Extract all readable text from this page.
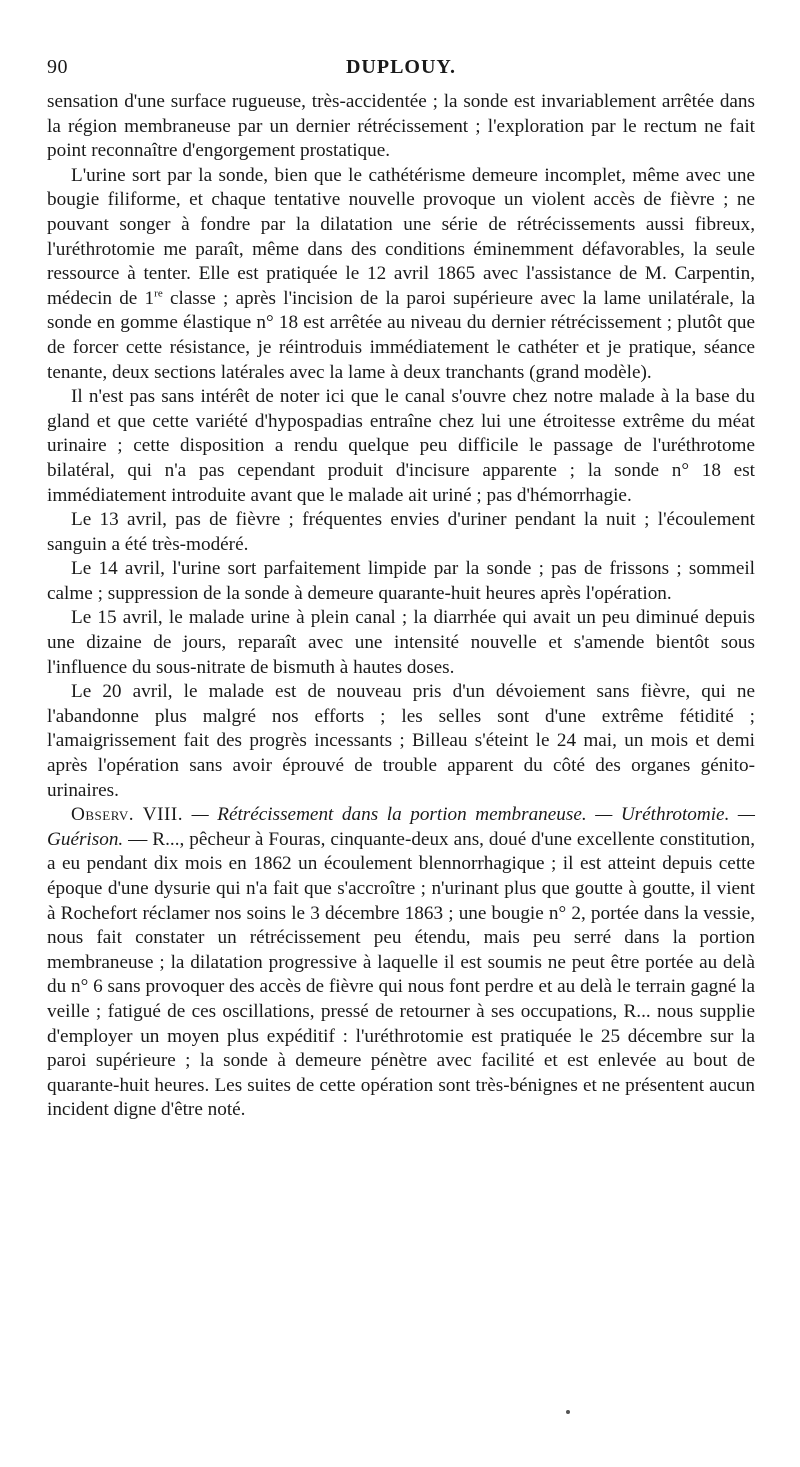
90	DUPLOUY.

sensation d'une surface rugueuse, très-accidentée ; la sonde est invariablement arrêtée dans la région membraneuse par un dernier rétrécissement ; l'exploration par le rectum ne fait point reconnaître d'engorgement prostatique.

L'urine sort par la sonde, bien que le cathétérisme demeure incomplet, même avec une bougie filiforme, et chaque tentative nouvelle provoque un violent accès de fièvre ; ne pouvant songer à fondre par la dilatation une série de rétrécissements aussi fibreux, l'uréthrotomie me paraît, même dans des conditions éminemment défavorables, la seule ressource à tenter. Elle est pratiquée le 12 avril 1865 avec l'assistance de M. Carpentin, médecin de 1re classe ; après l'incision de la paroi supérieure avec la lame unilatérale, la sonde en gomme élastique n° 18 est arrêtée au niveau du dernier rétrécissement ; plutôt que de forcer cette résistance, je réintroduis immédiatement le cathéter et je pratique, séance tenante, deux sections latérales avec la lame à deux tranchants (grand modèle).

Il n'est pas sans intérêt de noter ici que le canal s'ouvre chez notre malade à la base du gland et que cette variété d'hypospadias entraîne chez lui une étroitesse extrême du méat urinaire ; cette disposition a rendu quelque peu difficile le passage de l'uréthrotome bilatéral, qui n'a pas cependant produit d'incisure apparente ; la sonde n° 18 est immédiatement introduite avant que le malade ait uriné ; pas d'hémorrhagie.

Le 13 avril, pas de fièvre ; fréquentes envies d'uriner pendant la nuit ; l'écoulement sanguin a été très-modéré.

Le 14 avril, l'urine sort parfaitement limpide par la sonde ; pas de frissons ; sommeil calme ; suppression de la sonde à demeure quarante-huit heures après l'opération.

Le 15 avril, le malade urine à plein canal ; la diarrhée qui avait un peu diminué depuis une dizaine de jours, reparaît avec une intensité nouvelle et s'amende bientôt sous l'influence du sous-nitrate de bismuth à hautes doses.

Le 20 avril, le malade est de nouveau pris d'un dévoiement sans fièvre, qui ne l'abandonne plus malgré nos efforts ; les selles sont d'une extrême fétidité ; l'amaigrissement fait des progrès incessants ; Billeau s'éteint le 24 mai, un mois et demi après l'opération sans avoir éprouvé de trouble apparent du côté des organes génito-urinaires.

Observ. VIII. — Rétrécissement dans la portion membraneuse. — Uréthrotomie. — Guérison. — R..., pêcheur à Fouras, cinquante-deux ans, doué d'une excellente constitution, a eu pendant dix mois en 1862 un écoulement blennorrhagique ; il est atteint depuis cette époque d'une dysurie qui n'a fait que s'accroître ; n'urinant plus que goutte à goutte, il vient à Rochefort réclamer nos soins le 3 décembre 1863 ; une bougie n° 2, portée dans la vessie, nous fait constater un rétrécissement peu étendu, mais peu serré dans la portion membraneuse ; la dilatation progressive à laquelle il est soumis ne peut être portée au delà du n° 6 sans provoquer des accès de fièvre qui nous font perdre et au delà le terrain gagné la veille ; fatigué de ces oscillations, pressé de retourner à ses occupations, R... nous supplie d'employer un moyen plus expéditif : l'uréthrotomie est pratiquée le 25 décembre sur la paroi supérieure ; la sonde à demeure pénètre avec facilité et est enlevée au bout de quarante-huit heures. Les suites de cette opération sont très-bénignes et ne présentent aucun incident digne d'être noté.
